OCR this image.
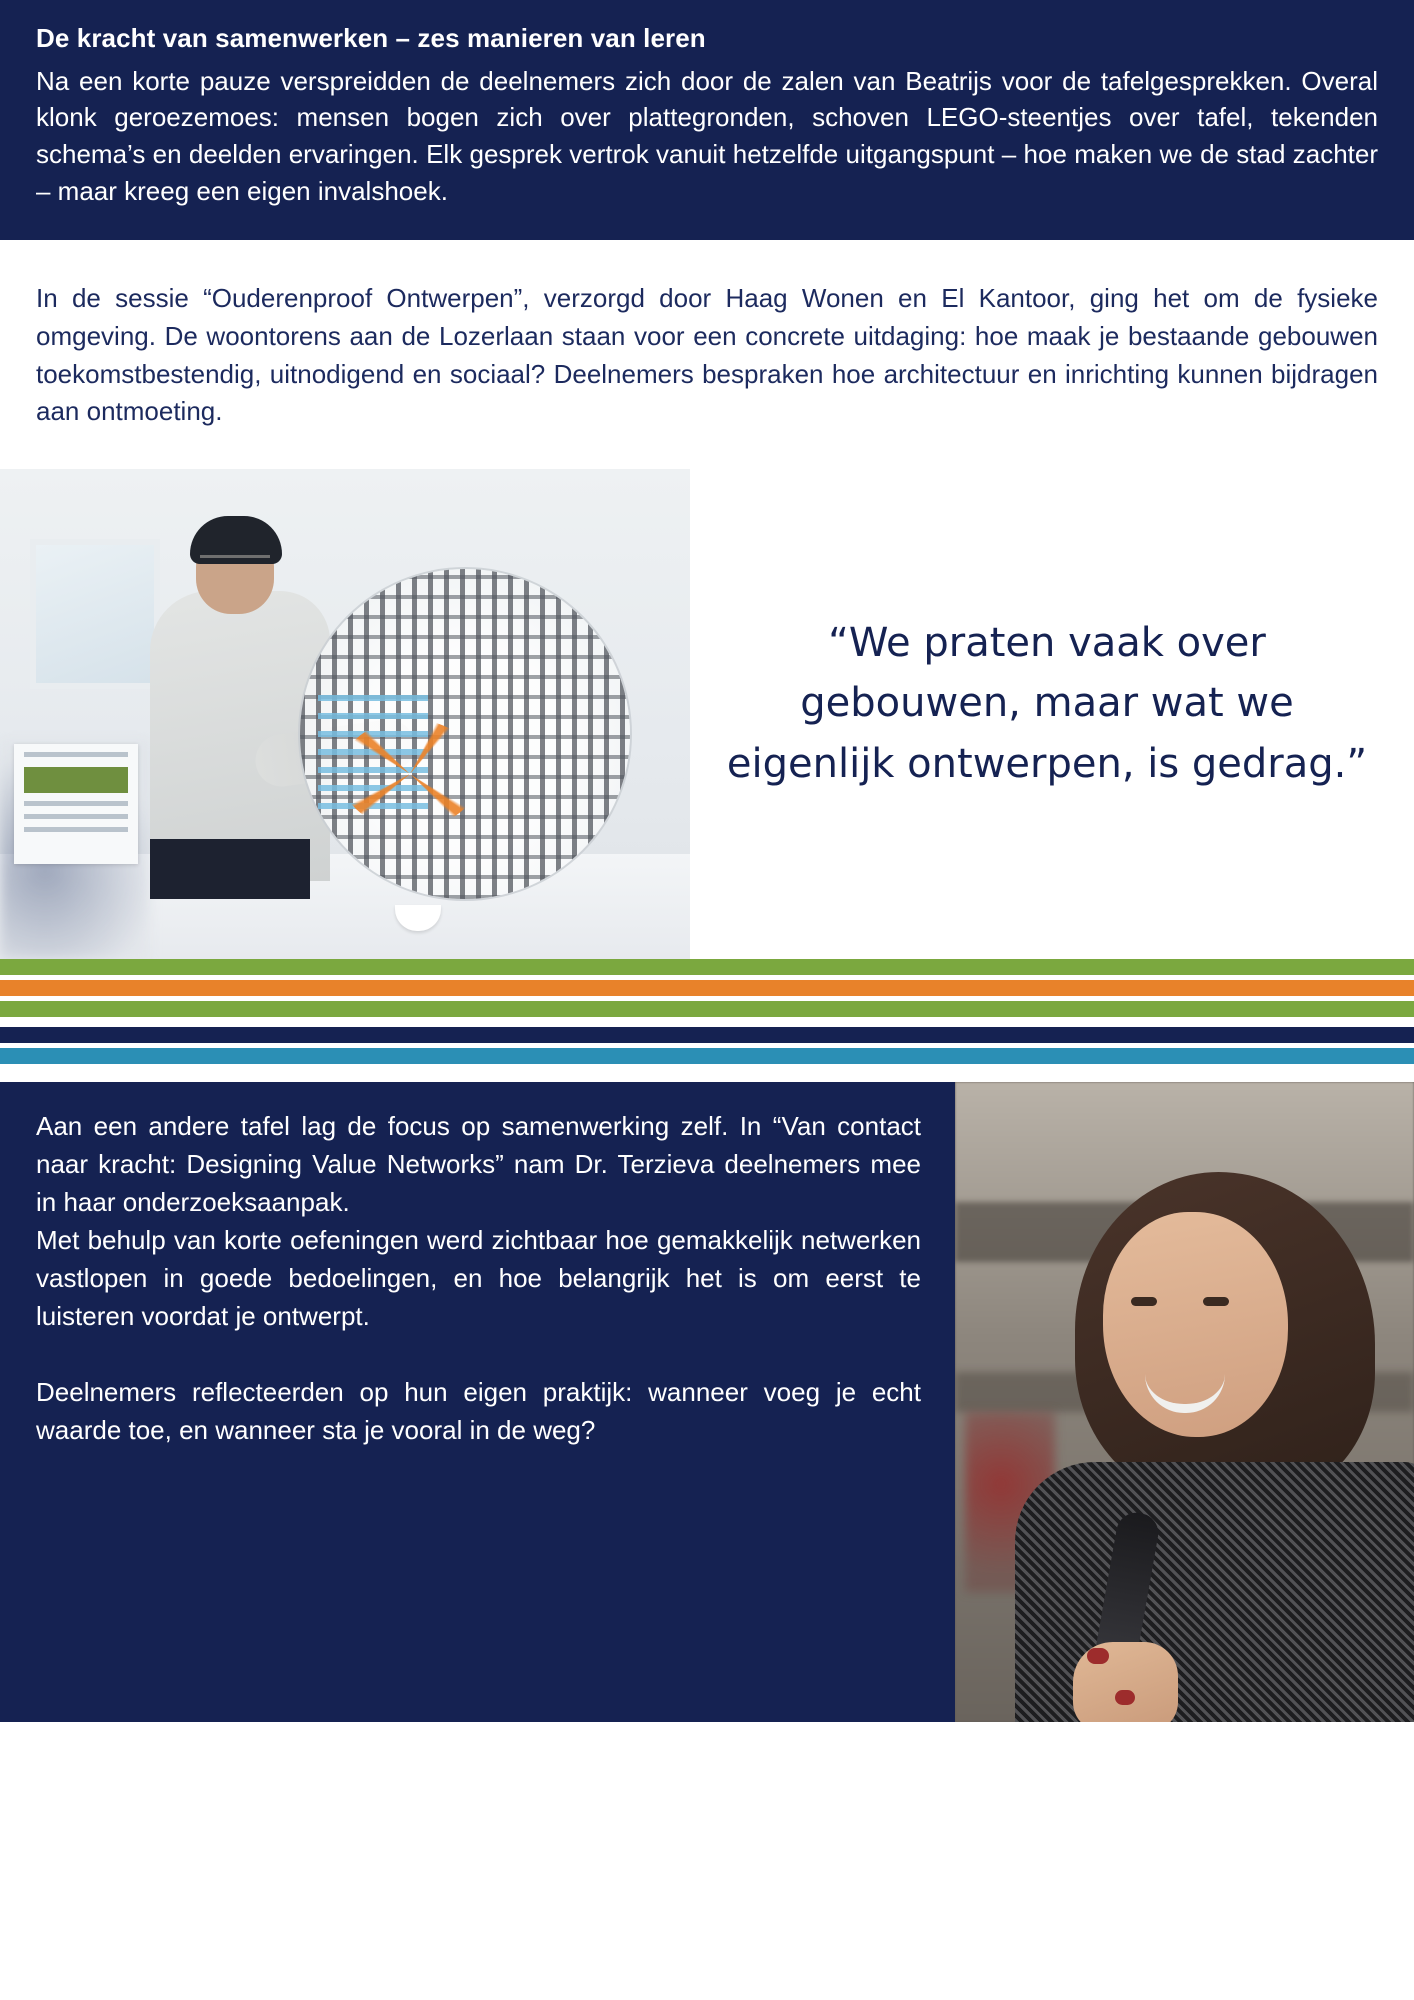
De kracht van samenwerken – zes manieren van leren

Na een korte pauze verspreidden de deelnemers zich door de zalen van Beatrijs voor de tafelgesprekken. Overal klonk geroezemoes: mensen bogen zich over plattegronden, schoven LEGO-steentjes over tafel, tekenden schema’s en deelden ervaringen. Elk gesprek vertrok vanuit hetzelfde uitgangspunt – hoe maken we de stad zachter – maar kreeg een eigen invalshoek.

In de sessie “Ouderenproof Ontwerpen”, verzorgd door Haag Wonen en El Kantoor, ging het om de fysieke omgeving. De woontorens aan de Lozerlaan staan voor een concrete uitdaging: hoe maak je bestaande gebouwen toekomstbestendig, uitnodigend en sociaal? Deelnemers bespraken hoe architectuur en inrichting kunnen bijdragen aan ontmoeting.

“We praten vaak over gebouwen, maar wat we eigenlijk ontwerpen, is gedrag.”

Aan een andere tafel lag de focus op samenwerking zelf. In “Van contact naar kracht: Designing Value Networks” nam Dr. Terzieva deelnemers mee in haar onderzoeksaanpak.

Met behulp van korte oefeningen werd zichtbaar hoe gemakkelijk netwerken vastlopen in goede bedoelingen, en hoe belangrijk het is om eerst te luisteren voordat je ontwerpt.

Deelnemers reflecteerden op hun eigen praktijk: wanneer voeg je echt waarde toe, en wanneer sta je vooral in de weg?
